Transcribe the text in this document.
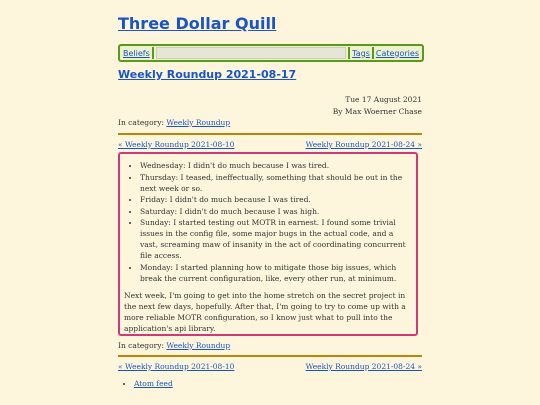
Three Dollar Quill
Beliefs	Tags Categories
Weekly Roundup 2021-08-17
Tue 17 August 2021
By Max Woerner Chase
In category: Weekly Roundup
« Weekly Roundup 2021-08-10	Weekly Roundup 2021-08-24 »
• Wednesday: I didn't do much because I was tired.
• Thursday: I teased, ineffectually, something that should be out in the next week or so.
• Friday: I didn't do much because I was tired.
• Saturday: I didn't do much because I was high.
• Sunday: I started testing out MOTR in earnest. I found some trivial issues in the config file, some major bugs in the actual code, and a vast, screaming maw of insanity in the act of coordinating concurrent file access.
• Monday: I started planning how to mitigate those big issues, which break the current configuration, like, every other run, at minimum.

Next week, I'm going to get into the home stretch on the secret project in the next few days, hopefully. After that, I'm going to try to come up with a more reliable MOTR configuration, so I know just what to pull into the application's api library.

In category: Weekly Roundup
« Weekly Roundup 2021-08-10	Weekly Roundup 2021-08-24 »
• Atom feed
